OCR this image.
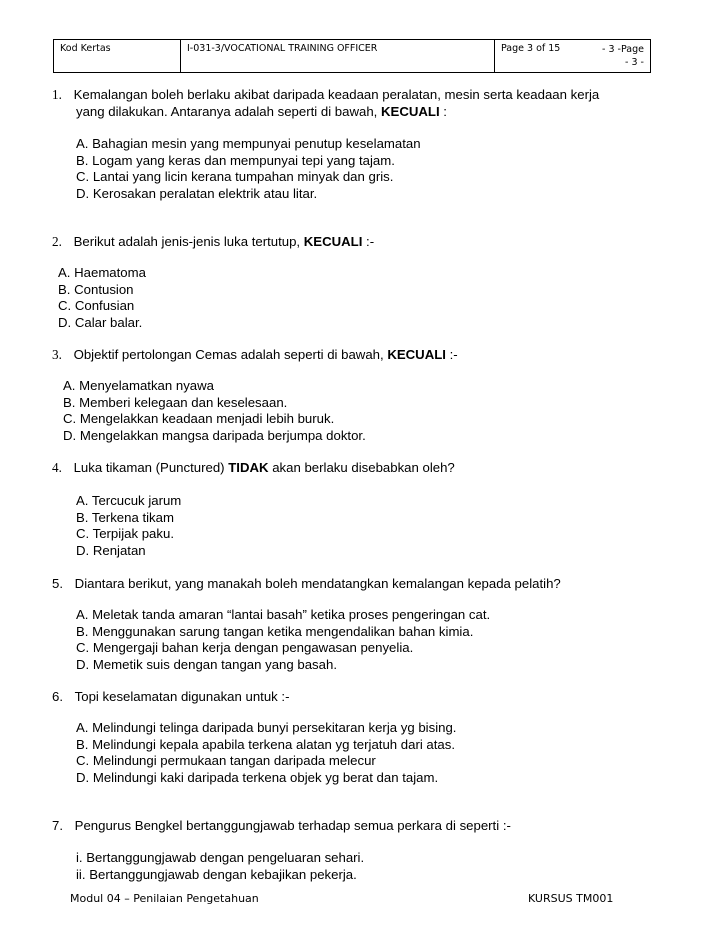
Kod Kertas	I-031-3/VOCATIONAL TRAINING OFFICER	Page 3 of 15	- 3 -Page
- 3 -
1. Kemalangan boleh berlaku akibat daripada keadaan peralatan, mesin serta keadaan kerja
yang dilakukan. Antaranya adalah seperti di bawah, KECUALI :
A. Bahagian mesin yang mempunyai penutup keselamatan
B. Logam yang keras dan mempunyai tepi yang tajam.
C. Lantai yang licin kerana tumpahan minyak dan gris.
D. Kerosakan peralatan elektrik atau litar.
2. Berikut adalah jenis-jenis luka tertutup, KECUALI :-
A. Haematoma
B. Contusion
C. Confusian
D. Calar balar.
3. Objektif pertolongan Cemas adalah seperti di bawah, KECUALI :-
A. Menyelamatkan nyawa
B. Memberi kelegaan dan keselesaan.
C. Mengelakkan keadaan menjadi lebih buruk.
D. Mengelakkan mangsa daripada berjumpa doktor.
4. Luka tikaman (Punctured) TIDAK akan berlaku disebabkan oleh?
A. Tercucuk jarum
B. Terkena tikam
C. Terpijak paku.
D. Renjatan
5. Diantara berikut, yang manakah boleh mendatangkan kemalangan kepada pelatih?
A. Meletak tanda amaran “lantai basah” ketika proses pengeringan cat.
B. Menggunakan sarung tangan ketika mengendalikan bahan kimia.
C. Mengergaji bahan kerja dengan pengawasan penyelia.
D. Memetik suis dengan tangan yang basah.
6. Topi keselamatan digunakan untuk :-
A. Melindungi telinga daripada bunyi persekitaran kerja yg bising.
B. Melindungi kepala apabila terkena alatan yg terjatuh dari atas.
C. Melindungi permukaan tangan daripada melecur
D. Melindungi kaki daripada terkena objek yg berat dan tajam.
7. Pengurus Bengkel bertanggungjawab terhadap semua perkara di seperti :-
i. Bertanggungjawab dengan pengeluaran sehari.
ii. Bertanggungjawab dengan kebajikan pekerja.
Modul 04 – Penilaian Pengetahuan	KURSUS TM001
